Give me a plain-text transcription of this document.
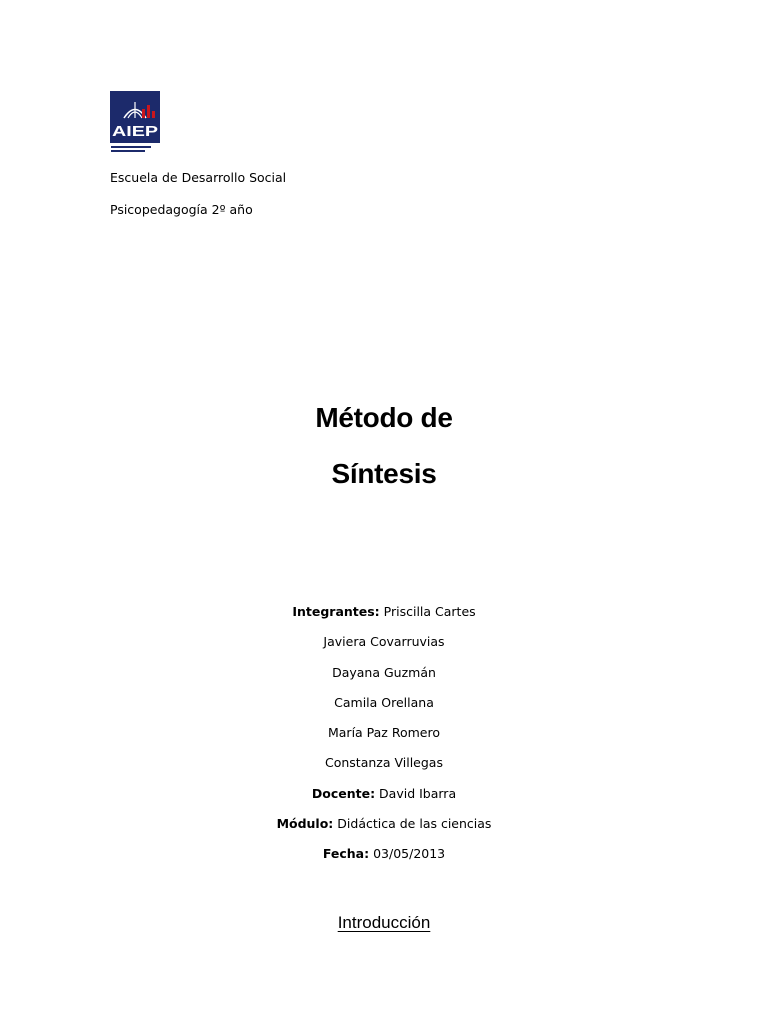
AIEP
Escuela de Desarrollo Social
Psicopedagogía 2º año
Método de
Síntesis
Integrantes: Priscilla Cartes
Javiera Covarruvias
Dayana Guzmán
Camila Orellana
María Paz Romero
Constanza Villegas
Docente: David Ibarra
Módulo: Didáctica de las ciencias
Fecha: 03/05/2013
Introducción
